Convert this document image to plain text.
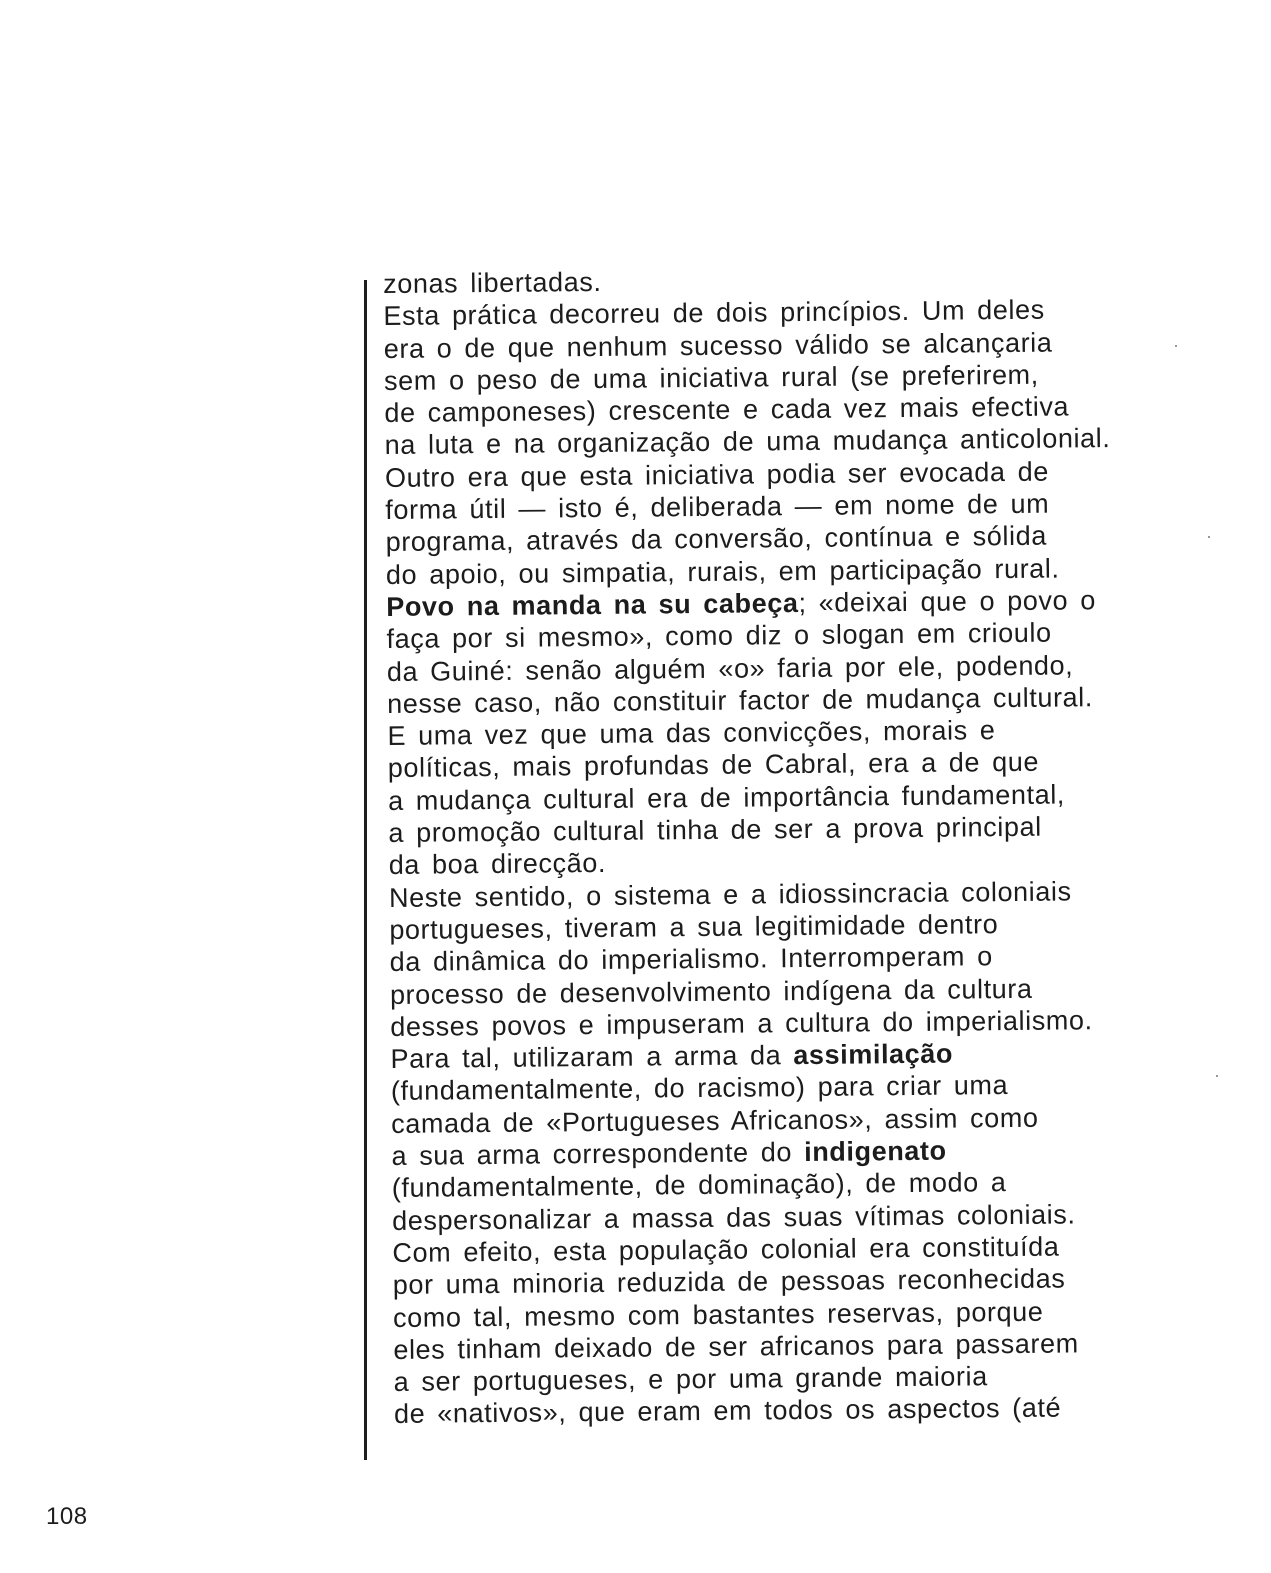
zonas libertadas.
Esta prática decorreu de dois princípios. Um deles
era o de que nenhum sucesso válido se alcançaria
sem o peso de uma iniciativa rural (se preferirem,
de camponeses) crescente e cada vez mais efectiva
na luta e na organização de uma mudança anticolonial.
Outro era que esta iniciativa podia ser evocada de
forma útil — isto é, deliberada — em nome de um
programa, através da conversão, contínua e sólida
do apoio, ou simpatia, rurais, em participação rural.
Povo na manda na su cabeça; «deixai que o povo o
faça por si mesmo», como diz o slogan em crioulo
da Guiné: senão alguém «o» faria por ele, podendo,
nesse caso, não constituir factor de mudança cultural.
E uma vez que uma das convicções, morais e
políticas, mais profundas de Cabral, era a de que
a mudança cultural era de importância fundamental,
a promoção cultural tinha de ser a prova principal
da boa direcção.
Neste sentido, o sistema e a idiossincracia coloniais
portugueses, tiveram a sua legitimidade dentro
da dinâmica do imperialismo. Interromperam o
processo de desenvolvimento indígena da cultura
desses povos e impuseram a cultura do imperialismo.
Para tal, utilizaram a arma da assimilação
(fundamentalmente, do racismo) para criar uma
camada de «Portugueses Africanos», assim como
a sua arma correspondente do indigenato
(fundamentalmente, de dominação), de modo a
despersonalizar a massa das suas vítimas coloniais.
Com efeito, esta população colonial era constituída
por uma minoria reduzida de pessoas reconhecidas
como tal, mesmo com bastantes reservas, porque
eles tinham deixado de ser africanos para passarem
a ser portugueses, e por uma grande maioria
de «nativos», que eram em todos os aspectos (até
108
